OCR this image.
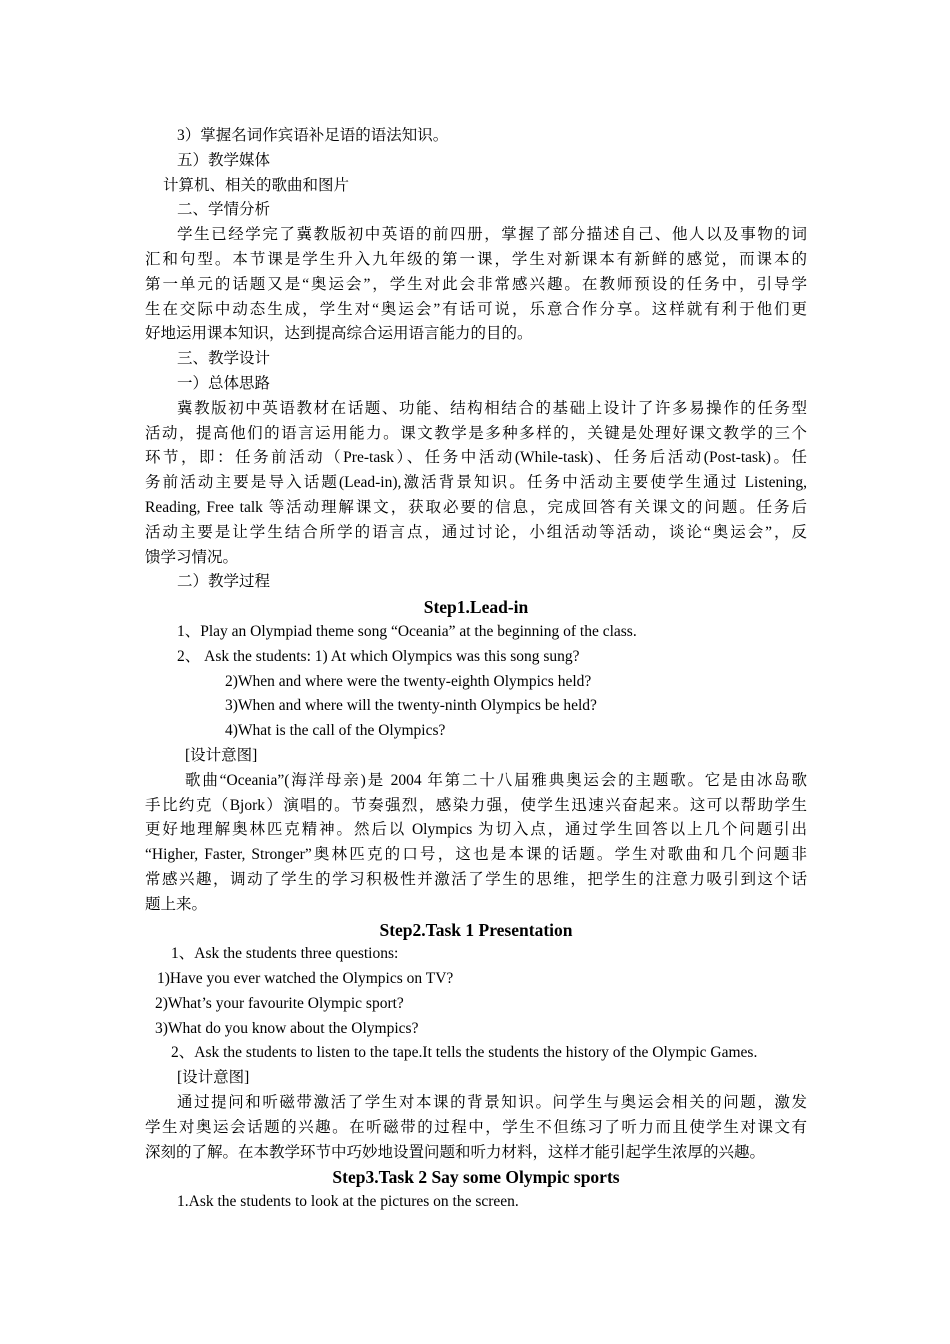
3）掌握名词作宾语补足语的语法知识。
五）教学媒体
计算机、相关的歌曲和图片
二、学情分析
学生已经学完了冀教版初中英语的前四册，掌握了部分描述自己、他人以及事物的词
汇和句型。本节课是学生升入九年级的第一课，学生对新课本有新鲜的感觉，而课本的
第一单元的话题又是“奥运会”，学生对此会非常感兴趣。在教师预设的任务中，引导学
生在交际中动态生成，学生对“奥运会”有话可说，乐意合作分享。这样就有利于他们更
好地运用课本知识，达到提高综合运用语言能力的目的。
三、教学设计
一）总体思路
冀教版初中英语教材在话题、功能、结构相结合的基础上设计了许多易操作的任务型
活动，提高他们的语言运用能力。课文教学是多种多样的，关键是处理好课文教学的三个
环节，即：任务前活动（Pre-task）、任务中活动(While-task)、任务后活动(Post-task)。任
务前活动主要是导入话题(Lead-in),激活背景知识。任务中活动主要使学生通过 Listening,
Reading, Free talk 等活动理解课文，获取必要的信息，完成回答有关课文的问题。任务后
活动主要是让学生结合所学的语言点，通过讨论，小组活动等活动，谈论“奥运会”，反
馈学习情况。
二）教学过程
Step1.Lead-in
1、Play an Olympiad theme song “Oceania” at the beginning of the class.
2、 Ask the students: 1) At which Olympics was this song sung?
2)When and where were the twenty-eighth Olympics held?
3)When and where will the twenty-ninth Olympics be held?
4)What is the call of the Olympics?
[设计意图]
歌曲“Oceania”(海洋母亲)是 2004 年第二十八届雅典奥运会的主题歌。它是由冰岛歌
手比约克（Bjork）演唱的。节奏强烈，感染力强，使学生迅速兴奋起来。这可以帮助学生
更好地理解奥林匹克精神。然后以 Olympics 为切入点，通过学生回答以上几个问题引出
“Higher, Faster, Stronger”奥林匹克的口号，这也是本课的话题。学生对歌曲和几个问题非
常感兴趣，调动了学生的学习积极性并激活了学生的思维，把学生的注意力吸引到这个话
题上来。
Step2.Task 1 Presentation
1、Ask the students three questions:
1)Have you ever watched the Olympics on TV?
2)What’s your favourite Olympic sport?
3)What do you know about the Olympics?
2、Ask the students to listen to the tape.It tells the students the history of the Olympic Games.
[设计意图]
通过提问和听磁带激活了学生对本课的背景知识。问学生与奥运会相关的问题，激发
学生对奥运会话题的兴趣。在听磁带的过程中，学生不但练习了听力而且使学生对课文有
深刻的了解。在本教学环节中巧妙地设置问题和听力材料，这样才能引起学生浓厚的兴趣。
Step3.Task 2 Say some Olympic sports
1.Ask the students to look at the pictures on the screen.
